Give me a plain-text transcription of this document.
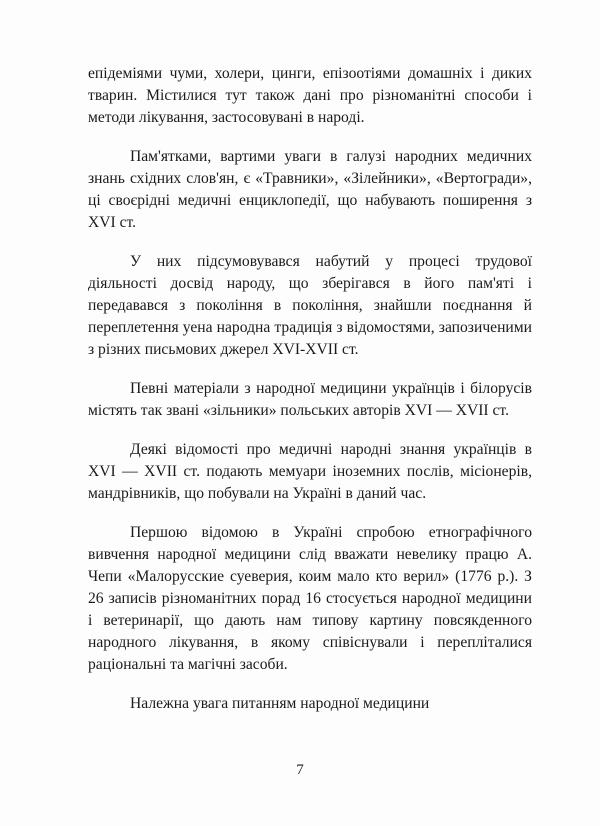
епідеміями чуми, холери, цинги, епізоотіями домашніх і диких тварин. Містилися тут також дані про різноманітні способи і методи лікування, застосовувані в народі.

Пам'ятками, вартими уваги в галузі народних медичних знань східних слов'ян, є «Травники», «Зілейники», «Вертогради», ці своєрідні медичні енциклопедії, що набувають поширення з XVI ст.

У них підсумовувався набутий у процесі трудової діяльності досвід народу, що зберігався в його пам'яті і передавався з покоління в покоління, знайшли поєднання й переплетення уена народна традиція з відомостями, запозиченими з різних письмових джерел XVI-XVII ст.

Певні матеріали з народної медицини українців і білорусів містять так звані «зільники» польських авторів XVI — XVII ст.

Деякі відомості про медичні народні знання українців в XVI — XVII ст. подають мемуари іноземних послів, місіонерів, мандрівників, що побували на Україні в даний час.

Першою відомою в Україні спробою етнографічного вивчення народної медицини слід вважати невелику працю А. Чепи «Малорусские суеверия, коим мало кто верил» (1776 р.). З 26 записів різноманітних порад 16 стосується народної медицини і ветеринарії, що дають нам типову картину повсякденного народного лікування, в якому співіснували і перепліталися раціональні та магічні засоби.

Належна увага питанням народної медицини

7
